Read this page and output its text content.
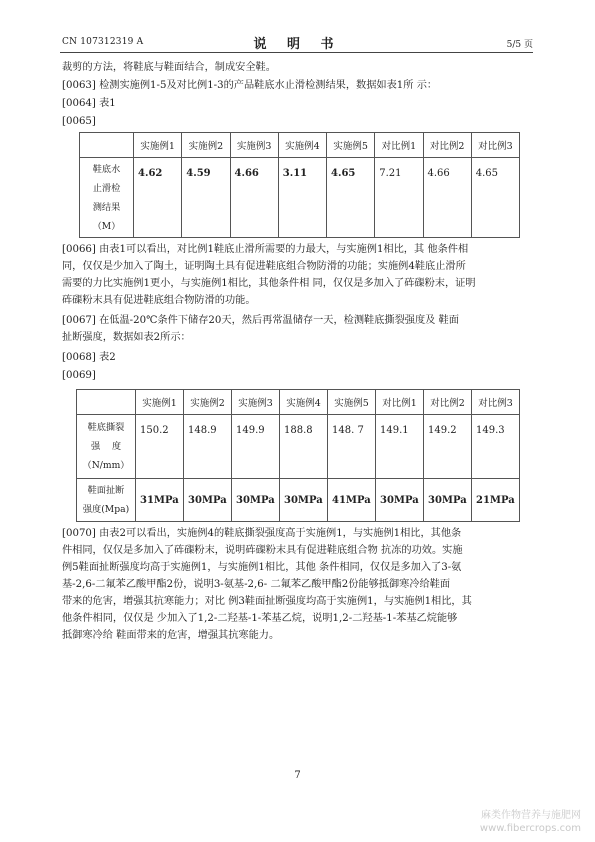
CN 107312319 A	说 明 书	5/5 页
裁剪的方法，将鞋底与鞋面结合，制成安全鞋。
[0063] 检测实施例1-5及对比例1-3的产品鞋底水止滑检测结果，数据如表1所 示：
[0064] 表1
[0065]
	实施例1	实施例2	实施例3	实施例4	实施例5	对比例1	对比例2	对比例3

鞋底水
止滑检
测结果
（M）	4.62	4.59	4.66	3.11	4.65	7.21	4.66	4.65
[0066] 由表1可以看出，对比例1鞋底止滑所需要的力最大，与实施例1相比，其 他条件相
同，仅仅是少加入了陶土，证明陶土具有促进鞋底组合物防滑的功能；实施例4鞋底止滑所
需要的力比实施例1更小，与实施例1相比，其他条件相 同，仅仅是多加入了砗磲粉末，证明
砗磲粉末具有促进鞋底组合物防滑的功能。
[0067] 在低温-20℃条件下储存20天，然后再常温储存一天，检测鞋底撕裂强度及 鞋面
扯断强度，数据如表2所示：
[0068] 表2
[0069]
	实施例1	实施例2	实施例3	实施例4	实施例5	对比例1	对比例2	对比例3

鞋底撕裂
强    度
（N/mm）	150.2	148.9	149.9	188.8	148. 7	149.1	149.2	149.3

鞋面扯断
强度(Mpa)	31MPa	30MPa	30MPa	30MPa	41MPa	30MPa	30MPa	21MPa
[0070] 由表2可以看出，实施例4的鞋底撕裂强度高于实施例1，与实施例1相比，其他条
件相同，仅仅是多加入了砗磲粉末，说明砗磲粉末具有促进鞋底组合物 抗冻的功效。实施
例5鞋面扯断强度均高于实施例1，与实施例1相比，其他 条件相同，仅仅是多加入了3-氨
基-2,6-二氟苯乙酸甲酯2份，说明3-氨基-2,6- 二氟苯乙酸甲酯2份能够抵御寒冷给鞋面
带来的危害，增强其抗寒能力；对比 例3鞋面扯断强度均高于实施例1，与实施例1相比，其
他条件相同，仅仅是 少加入了1,2-二羟基-1-苯基乙烷，说明1,2-二羟基-1-苯基乙烷能够
抵御寒冷给 鞋面带来的危害，增强其抗寒能力。
7
麻类作物营养与施肥网
www.fibercrops.com
